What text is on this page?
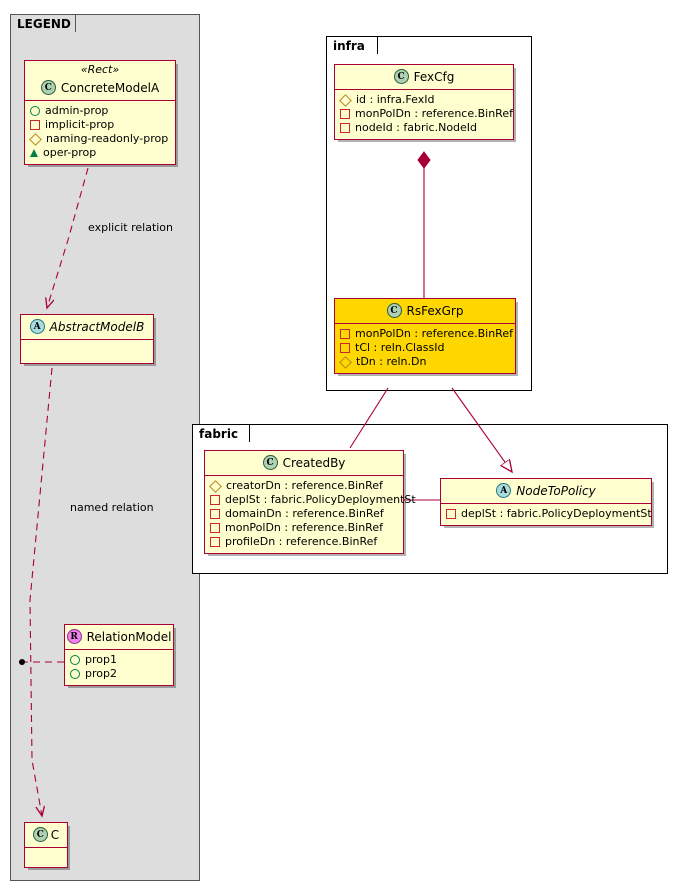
LEGEND
infra
fabric
«Rect»
C ConcreteModelA
admin-prop
implicit-prop
naming-readonly-prop
oper-prop
A AbstractModelB
R RelationModel
prop1
prop2
C C
C FexCfg
id : infra.FexId
monPolDn : reference.BinRef
nodeId : fabric.NodeId
C RsFexGrp
monPolDn : reference.BinRef
tCl : reln.ClassId
tDn : reln.Dn
C CreatedBy
creatorDn : reference.BinRef
deplSt : fabric.PolicyDeploymentSt
domainDn : reference.BinRef
monPolDn : reference.BinRef
profileDn : reference.BinRef
A NodeToPolicy
deplSt : fabric.PolicyDeploymentSt
explicit relation
named relation
